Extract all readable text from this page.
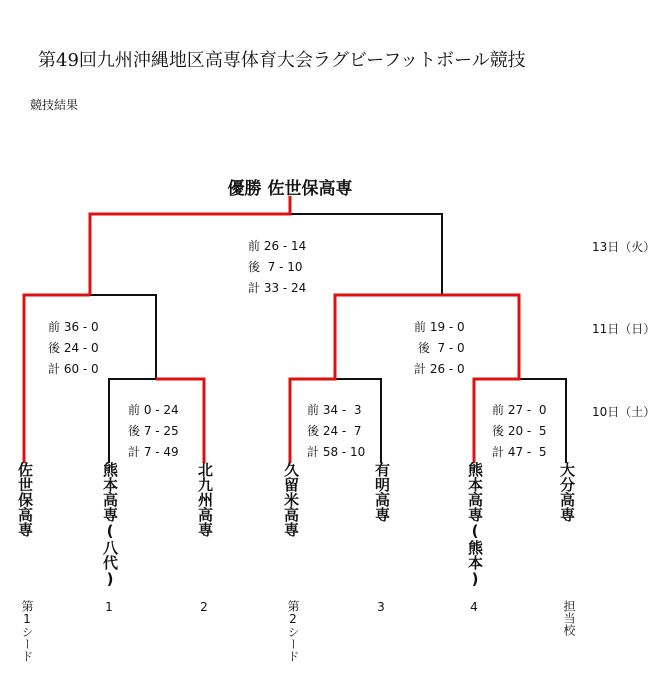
第49回九州沖縄地区高専体育大会ラグビーフットボール競技
競技結果
優勝 佐世保高専
前 26 - 14
後  7 - 10
計 33 - 24
前 36 - 0
後 24 - 0
計 60 - 0
前 19 - 0
後  7 - 0
計 26 - 0
前 0 - 24
後 7 - 25
計 7 - 49
前 34 -  3
後 24 -  7
計 58 - 10
前 27 -  0
後 20 -  5
計 47 -  5
13日（火）
11日（日）
10日（土）
佐世保高専	熊本高専(八代)	北九州高専	久留米高専	有明高専	熊本高専(熊本)	大分高専
第1シード	1	2	第2シード	3	4	担当校
